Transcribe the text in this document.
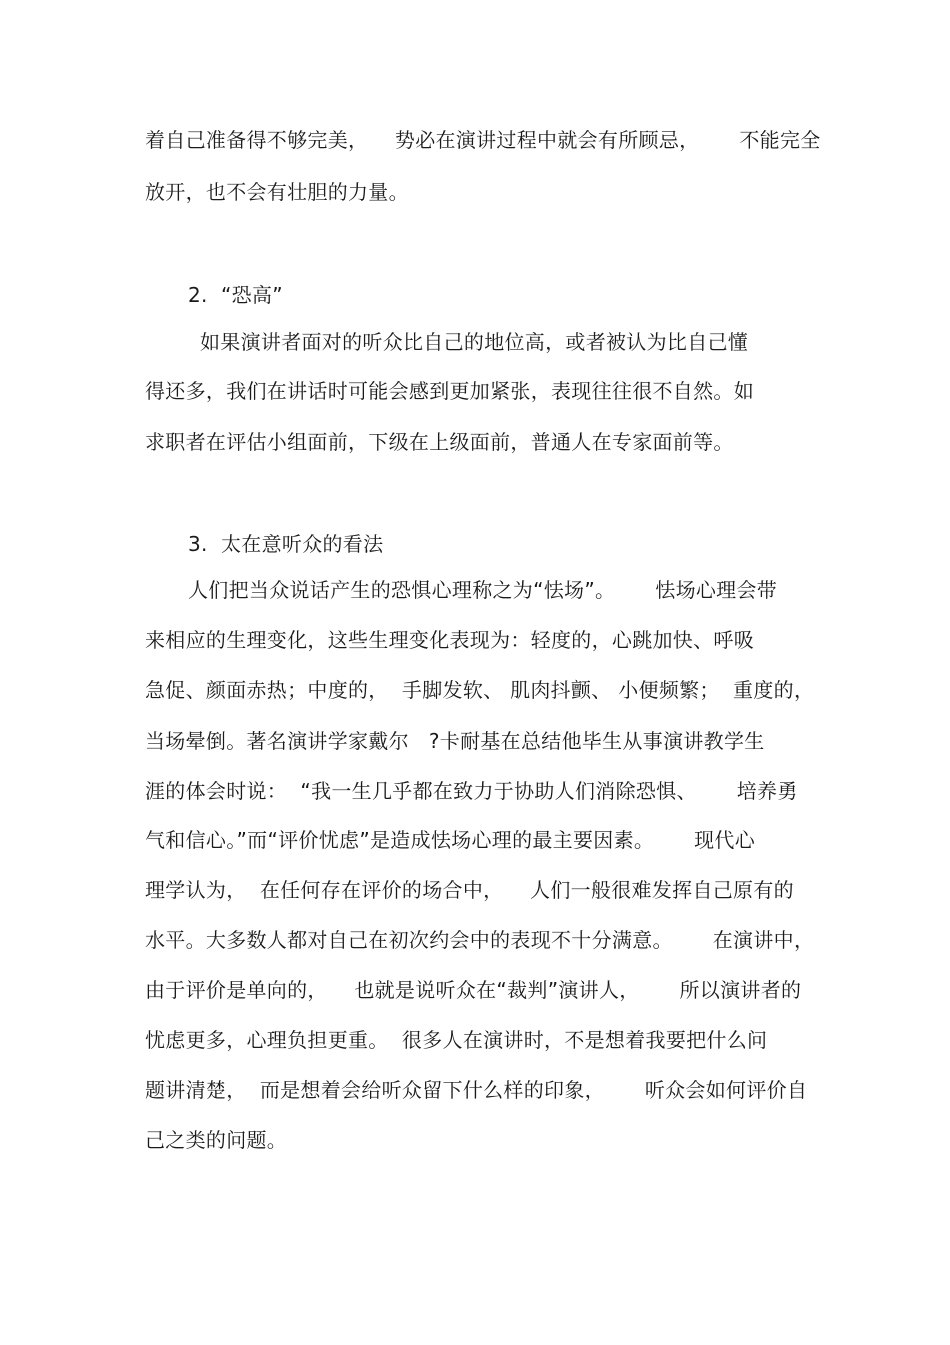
着自己准备得不够完美，    势必在演讲过程中就会有所顾忌，      不能完全
放开，也不会有壮胆的力量。
2.  “恐高”
如果演讲者面对的听众比自己的地位高，或者被认为比自己懂
得还多，我们在讲话时可能会感到更加紧张，表现往往很不自然。如
求职者在评估小组面前，下级在上级面前，普通人在专家面前等。
3.  太在意听众的看法
人们把当众说话产生的恐惧心理称之为“怯场”。      怯场心理会带
来相应的生理变化，这些生理变化表现为：轻度的，心跳加快、呼吸
急促、颜面赤热；中度的，  手脚发软、 肌肉抖颤、 小便频繁；  重度的，
当场晕倒。著名演讲学家戴尔   ?卡耐基在总结他毕生从事演讲教学生
涯的体会时说：  “我一生几乎都在致力于协助人们消除恐惧、      培养勇
气和信心。”而“评价忧虑”是造成怯场心理的最主要因素。      现代心
理学认为，  在任何存在评价的场合中，    人们一般很难发挥自己原有的
水平。大多数人都对自己在初次约会中的表现不十分满意。      在演讲中，
由于评价是单向的，    也就是说听众在“裁判”演讲人，      所以演讲者的
忧虑更多，心理负担更重。  很多人在演讲时，不是想着我要把什么问
题讲清楚，  而是想着会给听众留下什么样的印象，      听众会如何评价自
己之类的问题。
